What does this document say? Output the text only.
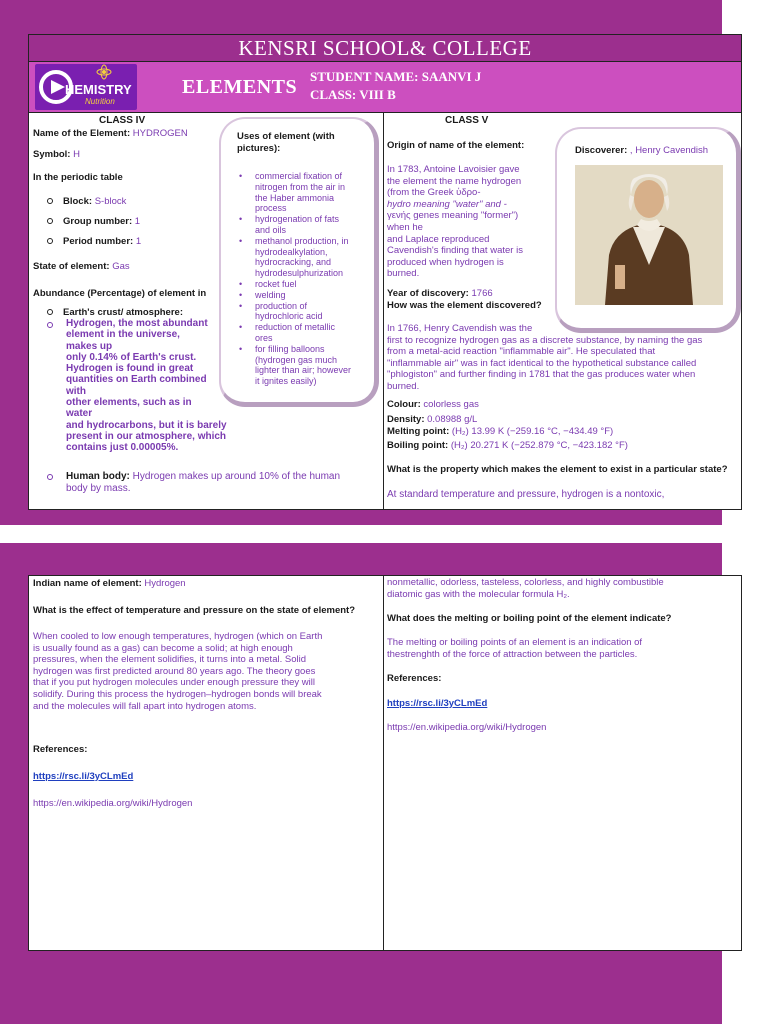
KENSRI SCHOOL& COLLEGE
HEMISTRY
Nutrition
ELEMENTS STUDENT NAME: SAANVI J
CLASS: VIII B
CLASS IV
Name of the Element: HYDROGEN
Symbol: H
In the periodic table
Block: S-block
Group number: 1
Period number: 1
State of element: Gas
Abundance (Percentage) of element in
Earth's crust/ atmosphere:
Hydrogen, the most abundant
element in the universe,
makes up
only 0.14% of Earth's crust.
Hydrogen is found in great
quantities on Earth combined
with
other elements, such as in
water
and hydrocarbons, but it is barely
present in our atmosphere, which
contains just 0.00005%.
Human body: Hydrogen makes up around 10% of the human
body by mass.
Uses of element (with
pictures):
• commercial fixation of
nitrogen from the air in
the Haber ammonia
process
• hydrogenation of fats
and oils
• methanol production, in
hydrodealkylation,
hydrocracking, and
hydrodesulphurization
• rocket fuel
• welding
• production of
hydrochloric acid
• reduction of metallic
ores
• for filling balloons
(hydrogen gas much
lighter than air; however
it ignites easily)
CLASS V
Origin of name of the element:
In 1783, Antoine Lavoisier gave
the element the name hydrogen
(from the Greek ὑδρο-
hydro meaning "water" and -
γενής genes meaning "former")
when he
and Laplace reproduced
Cavendish's finding that water is
produced when hydrogen is
burned.
Discoverer: , Henry Cavendish
Year of discovery: 1766
How was the element discovered?
In 1766, Henry Cavendish was the
first to recognize hydrogen gas as a discrete substance, by naming the gas
from a metal-acid reaction "inflammable air". He speculated that
"inflammable air" was in fact identical to the hypothetical substance called
"phlogiston" and further finding in 1781 that the gas produces water when
burned.
Colour: colorless gas
Density: 0.08988 g/L
Melting point: (H₂) 13.99 K (−259.16 °C, −434.49 °F)
Boiling point: (H₂) 20.271 K (−252.879 °C, −423.182 °F)
What is the property which makes the element to exist in a particular state?
At standard temperature and pressure, hydrogen is a nontoxic,
Indian name of element: Hydrogen
What is the effect of temperature and pressure on the state of element?
When cooled to low enough temperatures, hydrogen (which on Earth
is usually found as a gas) can become a solid; at high enough
pressures, when the element solidifies, it turns into a metal. Solid
hydrogen was first predicted around 80 years ago. The theory goes
that if you put hydrogen molecules under enough pressure they will
solidify. During this process the hydrogen–hydrogen bonds will break
and the molecules will fall apart into hydrogen atoms.
References:
https://rsc.li/3yCLmEd
https://en.wikipedia.org/wiki/Hydrogen
nonmetallic, odorless, tasteless, colorless, and highly combustible
diatomic gas with the molecular formula H₂.
What does the melting or boiling point of the element indicate?
The melting or boiling points of an element is an indication of
thestrenghth of the force of attraction between the particles.
References:
https://rsc.li/3yCLmEd
https://en.wikipedia.org/wiki/Hydrogen
